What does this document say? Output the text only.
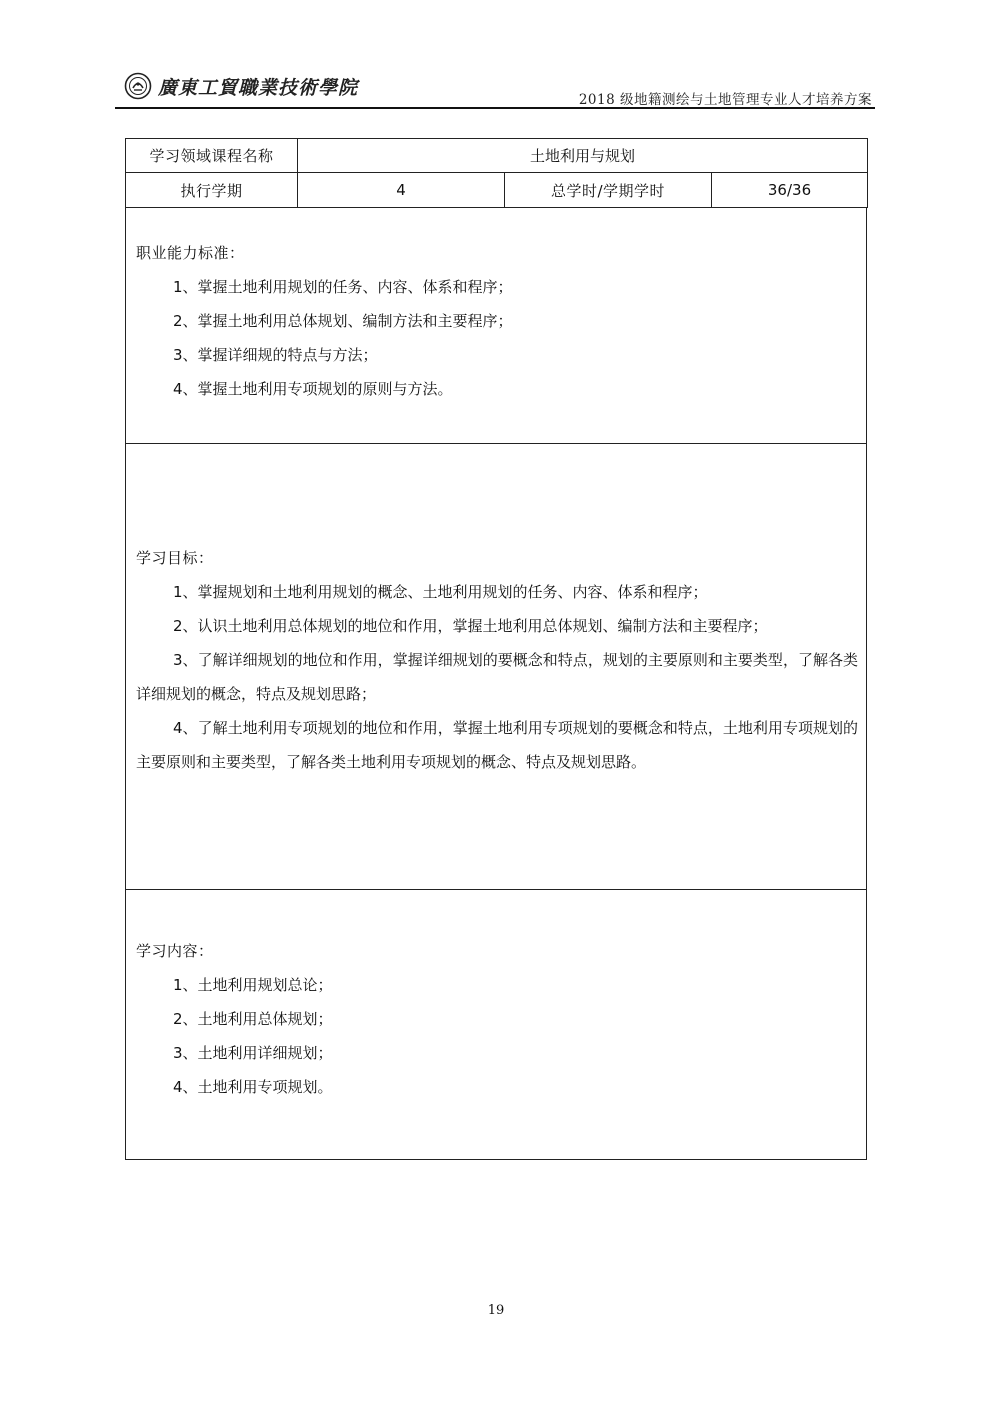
廣東工貿職業技術學院
2018 级地籍测绘与土地管理专业人才培养方案
学习领域课程名称	土地利用与规划		
执行学期	4	总学时/学期学时	36/36
职业能力标准：
1、掌握土地利用规划的任务、内容、体系和程序；
2、掌握土地利用总体规划、编制方法和主要程序；
3、掌握详细规的特点与方法；
4、掌握土地利用专项规划的原则与方法。
学习目标：
1、掌握规划和土地利用规划的概念、土地利用规划的任务、内容、体系和程序；
2、认识土地利用总体规划的地位和作用，掌握土地利用总体规划、编制方法和主要程序；
3、了解详细规划的地位和作用，掌握详细规划的要概念和特点，规划的主要原则和主要类型，了解各类详细规划的概念，特点及规划思路；
4、了解土地利用专项规划的地位和作用，掌握土地利用专项规划的要概念和特点，土地利用专项规划的主要原则和主要类型，了解各类土地利用专项规划的概念、特点及规划思路。
学习内容：
1、土地利用规划总论；
2、土地利用总体规划；
3、土地利用详细规划；
4、土地利用专项规划。
19
